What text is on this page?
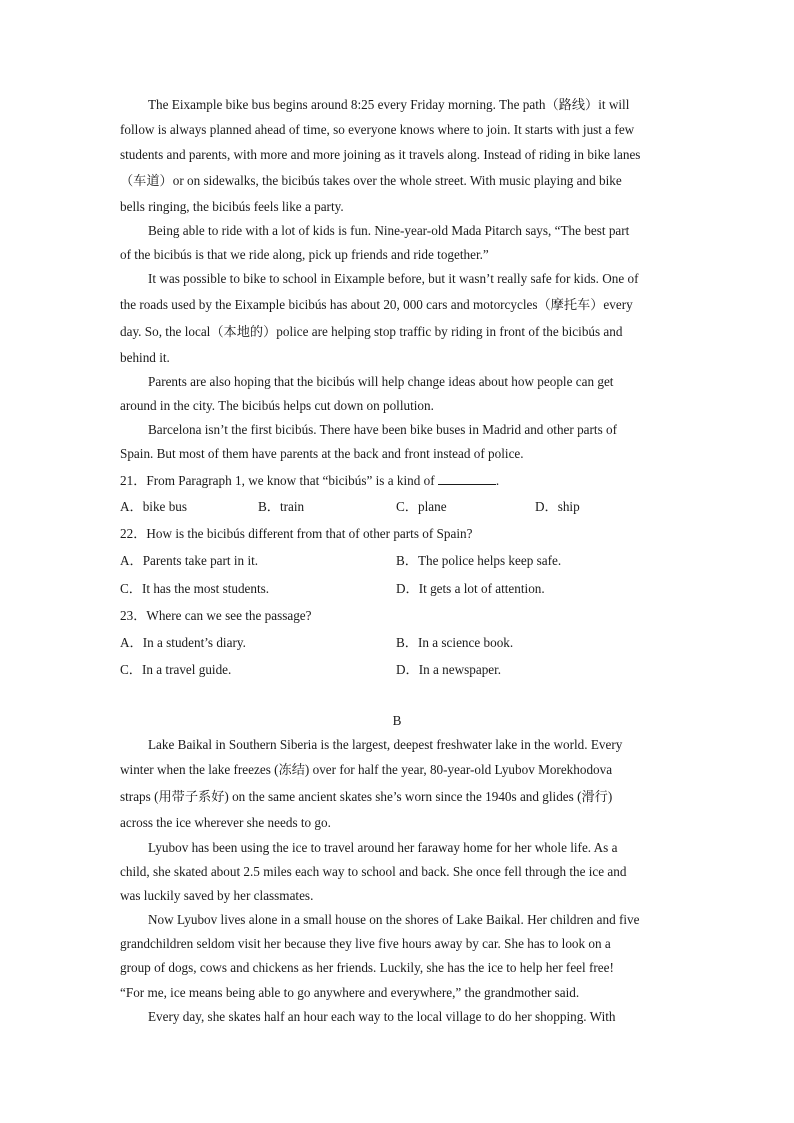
The Eixample bike bus begins around 8:25 every Friday morning. The path（路线）it will
follow is always planned ahead of time, so everyone knows where to join. It starts with just a few
students and parents, with more and more joining as it travels along. Instead of riding in bike lanes
（车道）or on sidewalks, the bicibús takes over the whole street. With music playing and bike
bells ringing, the bicibús feels like a party.
Being able to ride with a lot of kids is fun. Nine-year-old Mada Pitarch says, “The best part
of the bicibús is that we ride along, pick up friends and ride together.”
It was possible to bike to school in Eixample before, but it wasn’t really safe for kids. One of
the roads used by the Eixample bicibús has about 20, 000 cars and motorcycles（摩托车）every
day. So, the local（本地的）police are helping stop traffic by riding in front of the bicibús and
behind it.
Parents are also hoping that the bicibús will help change ideas about how people can get
around in the city. The bicibús helps cut down on pollution.
Barcelona isn’t the first bicibús. There have been bike buses in Madrid and other parts of
Spain. But most of them have parents at the back and front instead of police.
21．From Paragraph 1, we know that “bicibús” is a kind of	.
A．bike bus	B．train	C．plane	D．ship
22．How is the bicibús different from that of other parts of Spain?
A．Parents take part in it.	B．The police helps keep safe.
C．It has the most students.	D．It gets a lot of attention.
23．Where can we see the passage?
A．In a student’s diary.	B．In a science book.
C．In a travel guide.	D．In a newspaper.
B
Lake Baikal in Southern Siberia is the largest, deepest freshwater lake in the world. Every
winter when the lake freezes (冻结) over for half the year, 80-year-old Lyubov Morekhodova
straps (用带子系好) on the same ancient skates she’s worn since the 1940s and glides (滑行)
across the ice wherever she needs to go.
Lyubov has been using the ice to travel around her faraway home for her whole life. As a
child, she skated about 2.5 miles each way to school and back. She once fell through the ice and
was luckily saved by her classmates.
Now Lyubov lives alone in a small house on the shores of Lake Baikal. Her children and five
grandchildren seldom visit her because they live five hours away by car. She has to look on a
group of dogs, cows and chickens as her friends. Luckily, she has the ice to help her feel free!
“For me, ice means being able to go anywhere and everywhere,” the grandmother said.
Every day, she skates half an hour each way to the local village to do her shopping. With
